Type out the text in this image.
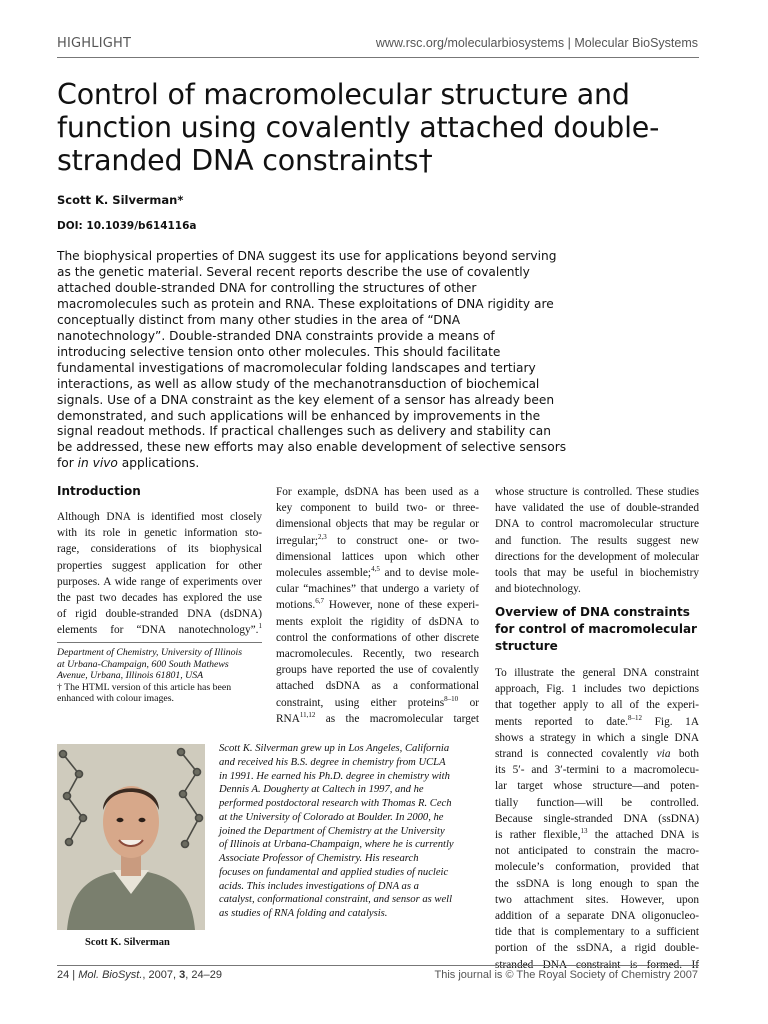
HIGHLIGHT	www.rsc.org/molecularbiosystems | Molecular BioSystems
Control of macromolecular structure and
function using covalently attached double-
stranded DNA constraints†
Scott K. Silverman*
DOI: 10.1039/b614116a
The biophysical properties of DNA suggest its use for applications beyond serving
as the genetic material. Several recent reports describe the use of covalently
attached double-stranded DNA for controlling the structures of other
macromolecules such as protein and RNA. These exploitations of DNA rigidity are
conceptually distinct from many other studies in the area of “DNA
nanotechnology”. Double-stranded DNA constraints provide a means of
introducing selective tension onto other molecules. This should facilitate
fundamental investigations of macromolecular folding landscapes and tertiary
interactions, as well as allow study of the mechanotransduction of biochemical
signals. Use of a DNA constraint as the key element of a sensor has already been
demonstrated, and such applications will be enhanced by improvements in the
signal readout methods. If practical challenges such as delivery and stability can
be addressed, these new efforts may also enable development of selective sensors
for in vivo applications.
Introduction
Although DNA is identified most closely
with its role in genetic information sto-
rage, considerations of its biophysical
properties suggest application for other
purposes. A wide range of experiments over
the past two decades has explored the use
of rigid double-stranded DNA (dsDNA)
elements for “DNA nanotechnology”.$^1$
Department of Chemistry, University of Illinois
at Urbana-Champaign, 600 South Mathews
Avenue, Urbana, Illinois 61801, USA
† The HTML version of this article has been
enhanced with colour images.
For example, dsDNA has been used as a
key component to build two- or three-
dimensional objects that may be regular or
irregular;$^{2,3}$ to construct one- or two-
dimensional lattices upon which other
molecules assemble;$^{4,5}$ and to devise mole-
cular “machines” that undergo a variety of
motions.$^{6,7}$ However, none of these experi-
ments exploit the rigidity of dsDNA to
control the conformations of other discrete
macromolecules. Recently, two research
groups have reported the use of covalently
attached dsDNA as a conformational
constraint, using either proteins$^{8-10}$ or
RNA$^{11,12}$ as the macromolecular target
whose structure is controlled. These studies
have validated the use of double-stranded
DNA to control macromolecular structure
and function. The results suggest new
directions for the development of molecular
tools that may be useful in biochemistry
and biotechnology.
Overview of DNA constraints for control of macromolecular structure
To illustrate the general DNA constraint
approach, Fig. 1 includes two depictions
that together apply to all of the experi-
ments reported to date.$^{8-12}$ Fig. 1A
shows a strategy in which a single DNA
strand is connected covalently via both
its 5′- and 3′-termini to a macromolecu-
lar target whose structure—and poten-
tially function—will be controlled.
Because single-stranded DNA (ssDNA)
is rather flexible,$^{13}$ the attached DNA is
not anticipated to constrain the macro-
molecule’s conformation, provided that
the ssDNA is long enough to span the
two attachment sites. However, upon
addition of a separate DNA oligonucleo-
tide that is complementary to a sufficient
portion of the ssDNA, a rigid double-
stranded DNA constraint is formed. If
Scott K. Silverman
Scott K. Silverman grew up in Los Angeles, California
and received his B.S. degree in chemistry from UCLA
in 1991. He earned his Ph.D. degree in chemistry with
Dennis A. Dougherty at Caltech in 1997, and he
performed postdoctoral research with Thomas R. Cech
at the University of Colorado at Boulder. In 2000, he
joined the Department of Chemistry at the University
of Illinois at Urbana-Champaign, where he is currently
Associate Professor of Chemistry. His research
focuses on fundamental and applied studies of nucleic
acids. This includes investigations of DNA as a
catalyst, conformational constraint, and sensor as well
as studies of RNA folding and catalysis.
24 | Mol. BioSyst., 2007, 3, 24–29	This journal is © The Royal Society of Chemistry 2007
